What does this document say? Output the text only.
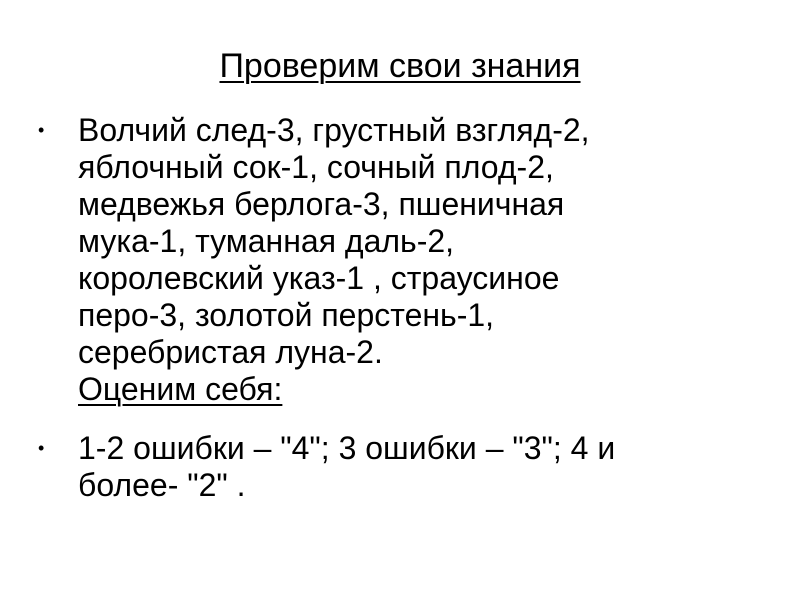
Проверим свои знания
• Волчий след-3, грустный взгляд-2,
яблочный сок-1, сочный плод-2,
медвежья берлога-3, пшеничная
мука-1, туманная даль-2,
королевский указ-1 , страусиное
перо-3, золотой перстень-1,
серебристая луна-2.
Оценим себя:
• 1-2 ошибки – "4"; 3 ошибки – "3"; 4 и
более- "2" .
